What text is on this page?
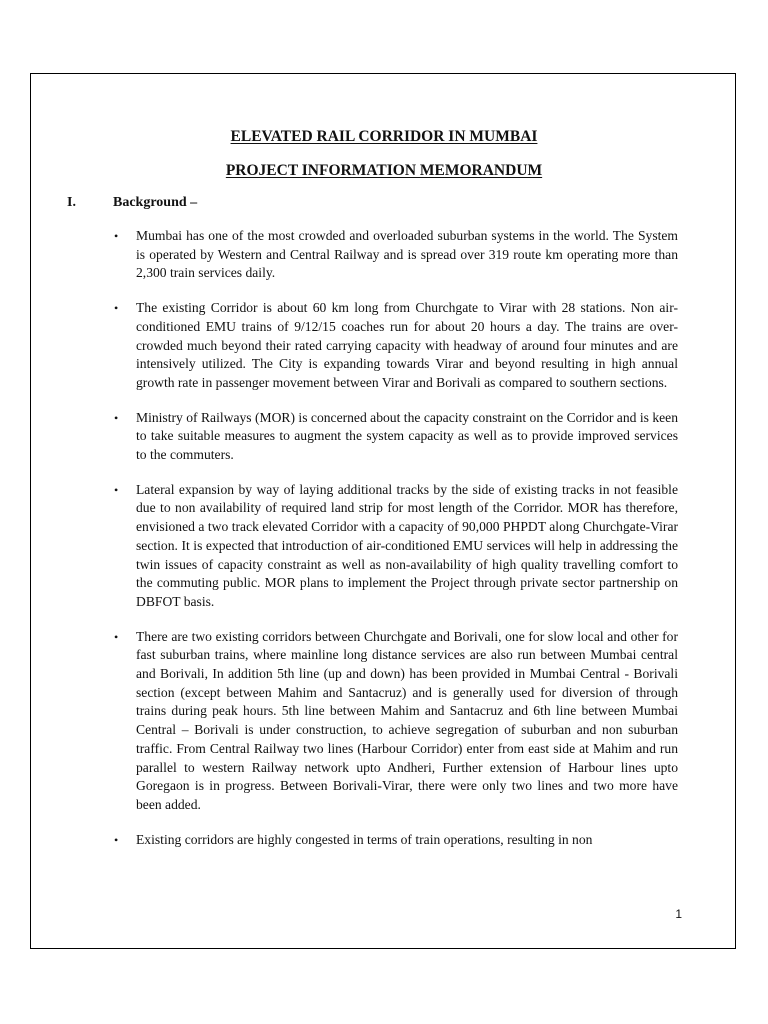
ELEVATED RAIL CORRIDOR IN MUMBAI
PROJECT INFORMATION MEMORANDUM
I.	Background –
• Mumbai has one of the most crowded and overloaded suburban systems in the world. The System is operated by Western and Central Railway and is spread over 319 route km operating more than 2,300 train services daily.
• The existing Corridor is about 60 km long from Churchgate to Virar with 28 stations. Non air-conditioned EMU trains of 9/12/15 coaches run for about 20 hours a day. The trains are over-crowded much beyond their rated carrying capacity with headway of around four minutes and are intensively utilized. The City is expanding towards Virar and beyond resulting in high annual growth rate in passenger movement between Virar and Borivali as compared to southern sections.
• Ministry of Railways (MOR) is concerned about the capacity constraint on the Corridor and is keen to take suitable measures to augment the system capacity as well as to provide improved services to the commuters.
• Lateral expansion by way of laying additional tracks by the side of existing tracks in not feasible due to non availability of required land strip for most length of the Corridor. MOR has therefore, envisioned a two track elevated Corridor with a capacity of 90,000 PHPDT along Churchgate-Virar section. It is expected that introduction of air-conditioned EMU services will help in addressing the twin issues of capacity constraint as well as non-availability of high quality travelling comfort to the commuting public. MOR plans to implement the Project through private sector partnership on DBFOT basis.
• There are two existing corridors between Churchgate and Borivali, one for slow local and other for fast suburban trains, where mainline long distance services are also run between Mumbai central and Borivali, In addition 5th line (up and down) has been provided in Mumbai Central - Borivali section (except between Mahim and Santacruz) and is generally used for diversion of through trains during peak hours. 5th line between Mahim and Santacruz and 6th line between Mumbai Central – Borivali is under construction, to achieve segregation of suburban and non suburban traffic. From Central Railway two lines (Harbour Corridor) enter from east side at Mahim and run parallel to western Railway network upto Andheri, Further extension of Harbour lines upto Goregaon is in progress. Between Borivali-Virar, there were only two lines and two more have been added.
• Existing corridors are highly congested in terms of train operations, resulting in non
1
